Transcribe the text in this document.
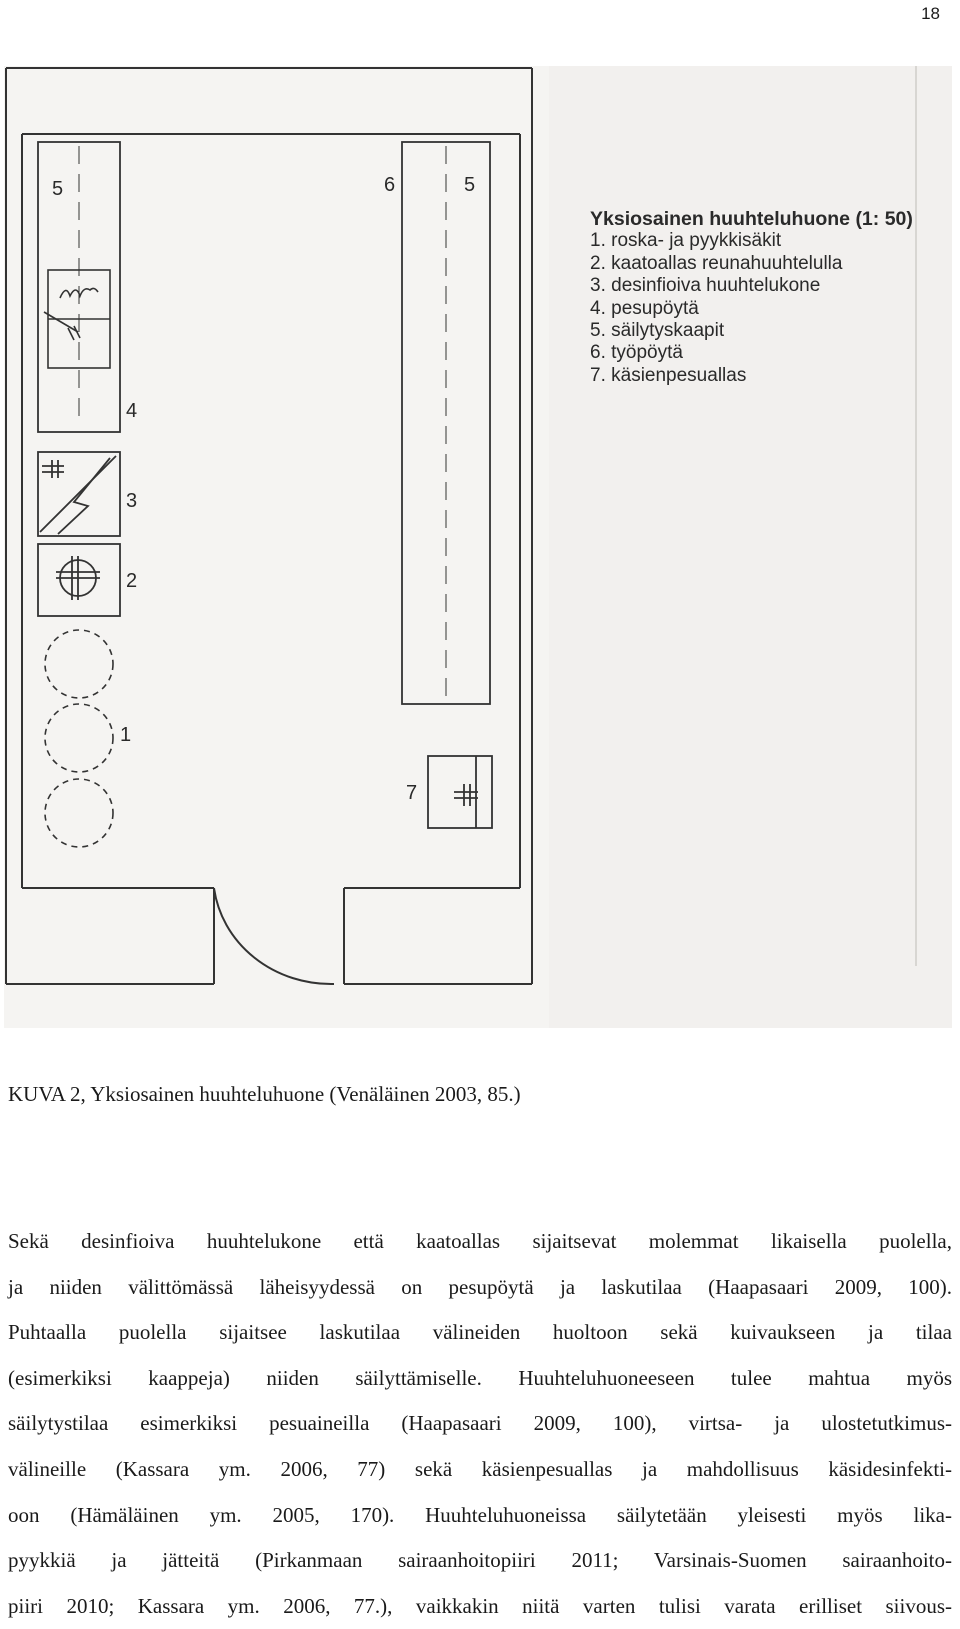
18
5	6	5
4
3
2
1
7
Yksiosainen huuhteluhuone (1: 50)
1. roska- ja pyykkisäkit
2. kaatoallas reunahuuhtelulla
3. desinfioiva huuhtelukone
4. pesupöytä
5. säilytyskaapit
6. työpöytä
7. käsienpesuallas
KUVA 2, Yksiosainen huuhteluhuone (Venäläinen 2003, 85.)
Sekä desinfioiva huuhtelukone että kaatoallas sijaitsevat molemmat likaisella puolella,
ja niiden välittömässä läheisyydessä on pesupöytä ja laskutilaa (Haapasaari 2009, 100).
Puhtaalla puolella sijaitsee laskutilaa välineiden huoltoon sekä kuivaukseen ja tilaa
(esimerkiksi kaappeja) niiden säilyttämiselle. Huuhteluhuoneeseen tulee mahtua myös
säilytystilaa esimerkiksi pesuaineilla (Haapasaari 2009, 100), virtsa- ja ulostetutkimus-
välineille (Kassara ym. 2006, 77) sekä käsienpesuallas ja mahdollisuus käsidesinfekti-
oon (Hämäläinen ym. 2005, 170). Huuhteluhuoneissa säilytetään yleisesti myös lika-
pyykkiä ja jätteitä (Pirkanmaan sairaanhoitopiiri 2011; Varsinais-Suomen sairaanhoito-
piiri 2010; Kassara ym. 2006, 77.), vaikkakin niitä varten tulisi varata erilliset siivous-
